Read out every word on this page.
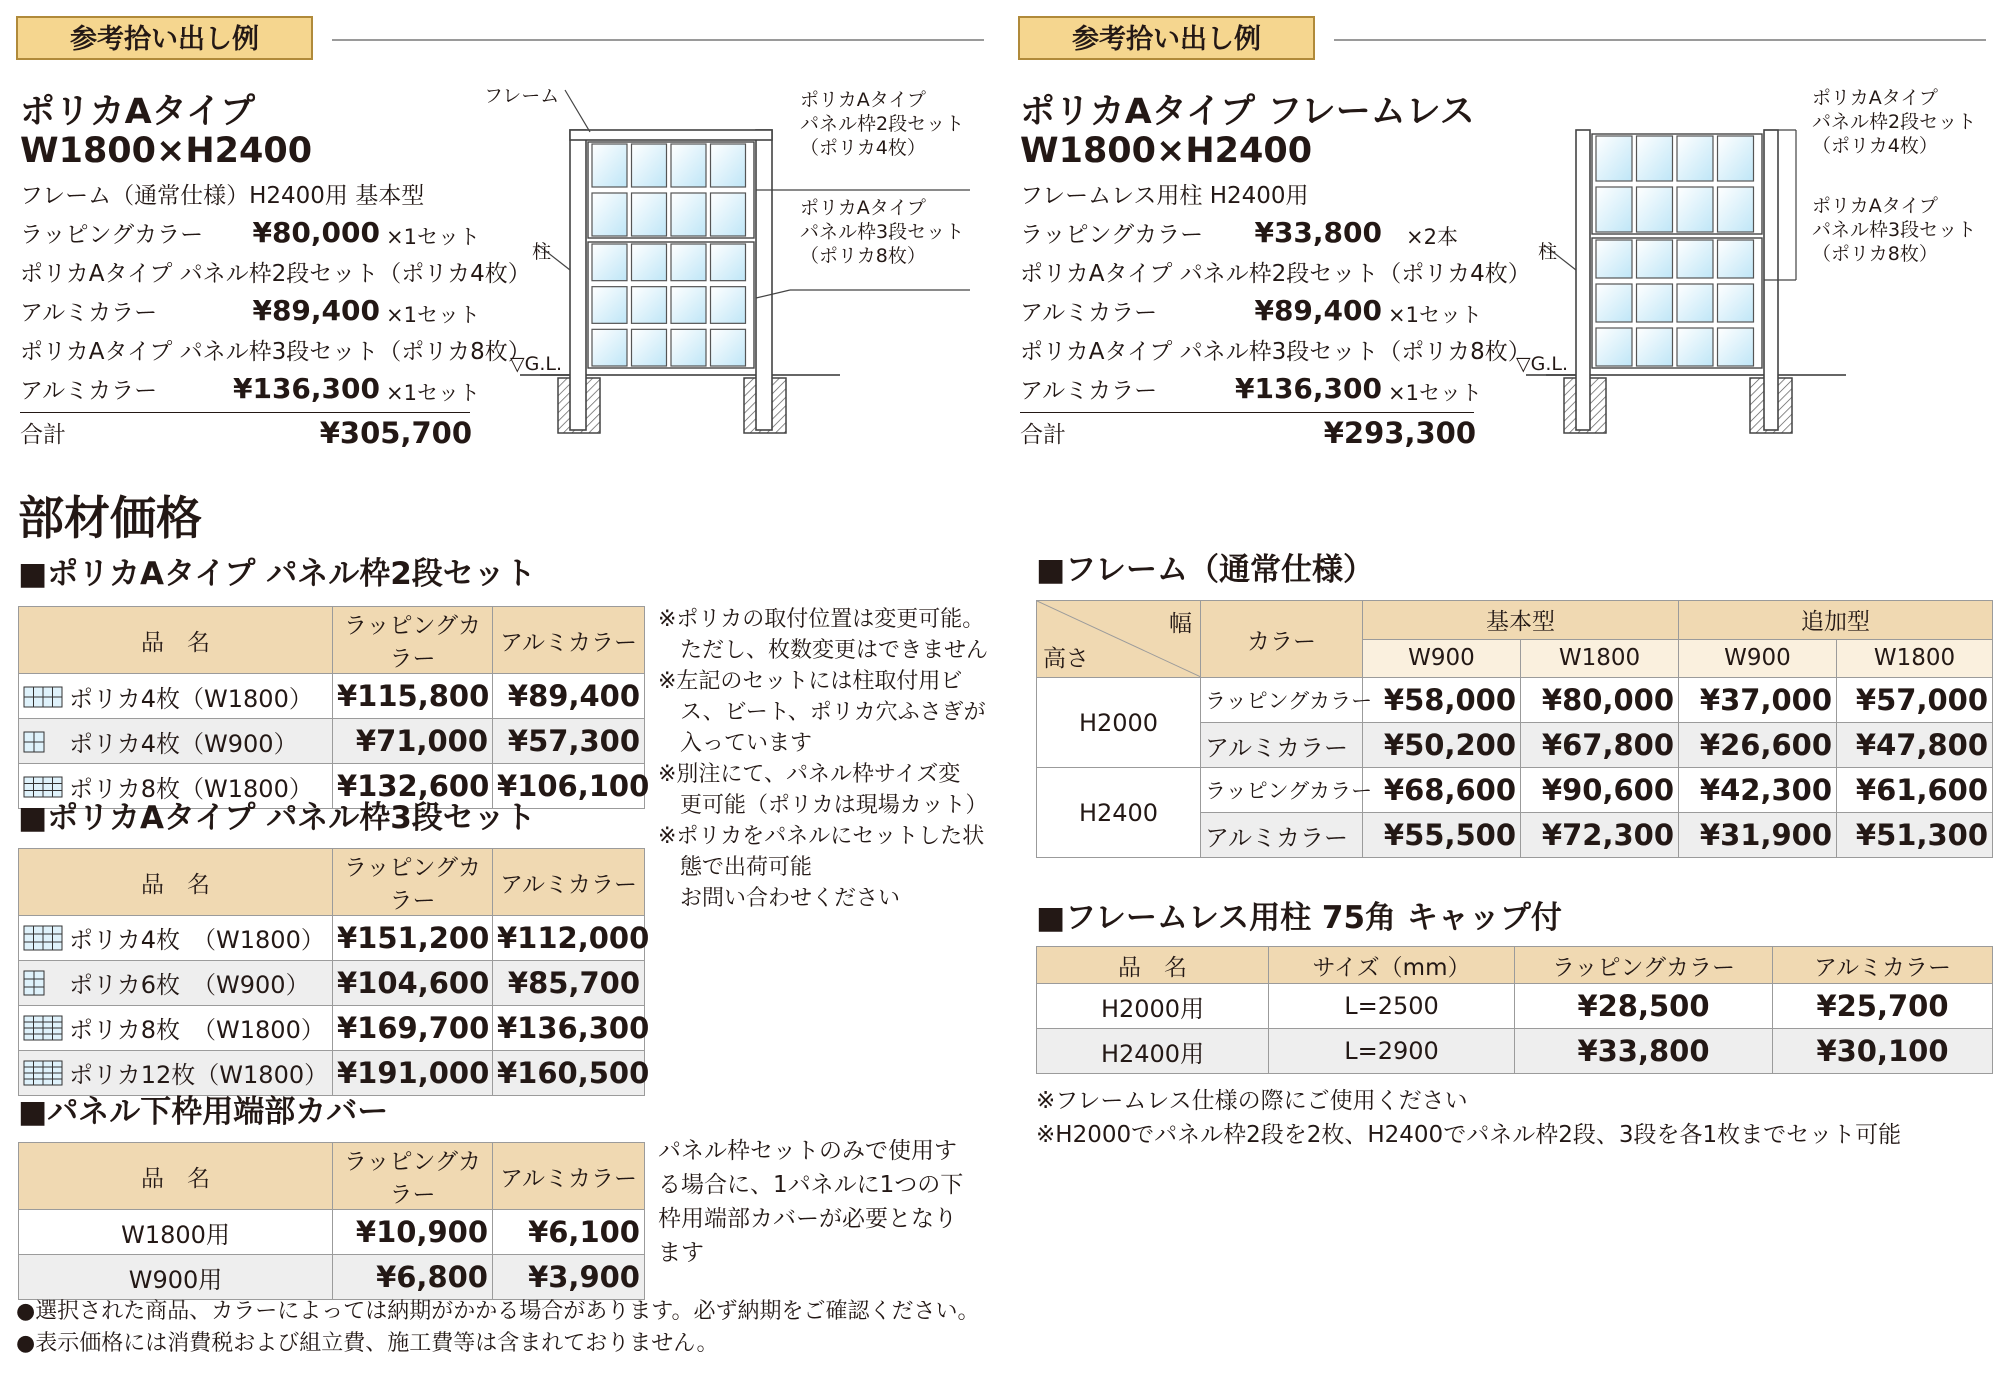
参考拾い出し例
ポリカAタイプ
W1800×H2400
フレーム（通常仕様）H2400用 基本型
ラッピングカラー	¥80,000 ×1セット
ポリカAタイプ パネル枠2段セット（ポリカ4枚）
アルミカラー	¥89,400 ×1セット
ポリカAタイプ パネル枠3段セット（ポリカ8枚）
アルミカラー	¥136,300 ×1セット
合計	¥305,700
フレーム
柱
▽G.L.
ポリカAタイプ
パネル枠2段セット
（ポリカ4枚）
ポリカAタイプ
パネル枠3段セット
（ポリカ8枚）
参考拾い出し例
ポリカAタイプ フレームレス
W1800×H2400
フレームレス用柱 H2400用
ラッピングカラー	¥33,800 ×2本
ポリカAタイプ パネル枠2段セット（ポリカ4枚）
アルミカラー	¥89,400 ×1セット
ポリカAタイプ パネル枠3段セット（ポリカ8枚）
アルミカラー	¥136,300 ×1セット
合計	¥293,300
柱
▽G.L.
ポリカAタイプ
パネル枠2段セット
（ポリカ4枚）
ポリカAタイプ
パネル枠3段セット
（ポリカ8枚）
部材価格
■ポリカAタイプ パネル枠2段セット
品　名	ラッピングカラー	アルミカラー
ポリカ4枚（W1800）	¥115,800	¥89,400
ポリカ4枚（W900）	¥71,000	¥57,300
ポリカ8枚（W1800）	¥132,600	¥106,100
■ポリカAタイプ パネル枠3段セット
品　名	ラッピングカラー	アルミカラー
ポリカ4枚　（W1800）	¥151,200	¥112,000
ポリカ6枚　（W900）	¥104,600	¥85,700
ポリカ8枚　（W1800）	¥169,700	¥136,300
ポリカ12枚（W1800）	¥191,000	¥160,500
※ポリカの取付位置は変更可能。
　ただし、枚数変更はできません
※左記のセットには柱取付用ビ
　ス、ビート、ポリカ穴ふさぎが
　入っています
※別注にて、パネル枠サイズ変
　更可能（ポリカは現場カット）
※ポリカをパネルにセットした状
　態で出荷可能
　お問い合わせください
■パネル下枠用端部カバー
品　名	ラッピングカラー	アルミカラー
W1800用	¥10,900	¥6,100
W900用	¥6,800	¥3,900
パネル枠セットのみで使用す
る場合に、1パネルに1つの下
枠用端部カバーが必要となり
ます
■フレーム（通常仕様）
幅
高さ	カラー	基本型		追加型	
		W900	W1800	W900	W1800
H2000	ラッピングカラー	¥58,000	¥80,000	¥37,000	¥57,000
	アルミカラー	¥50,200	¥67,800	¥26,600	¥47,800
H2400	ラッピングカラー	¥68,600	¥90,600	¥42,300	¥61,600
	アルミカラー	¥55,500	¥72,300	¥31,900	¥51,300
■フレームレス用柱 75角 キャップ付
品　名	サイズ（mm）	ラッピングカラー	アルミカラー
H2000用	L=2500	¥28,500	¥25,700
H2400用	L=2900	¥33,800	¥30,100
※フレームレス仕様の際にご使用ください
※H2000でパネル枠2段を2枚、H2400でパネル枠2段、3段を各1枚までセット可能
●選択された商品、カラーによっては納期がかかる場合があります。必ず納期をご確認ください。
●表示価格には消費税および組立費、施工費等は含まれておりません。
